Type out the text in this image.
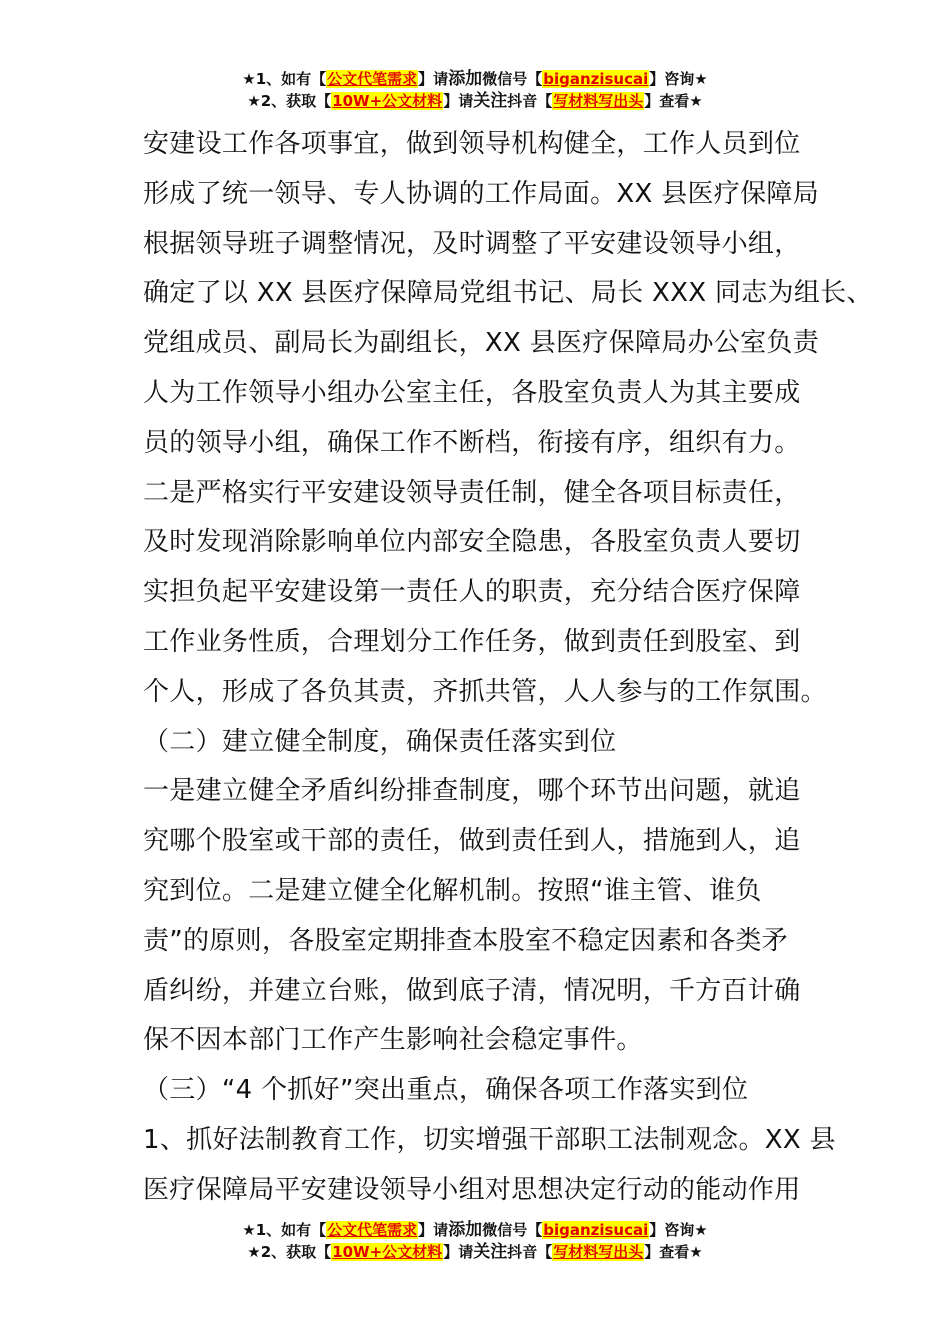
★1、如有【公文代笔需求】请添加微信号【biganzisucai】咨询★
★2、获取【10W+公文材料】请关注抖音【写材料写出头】查看★

安建设工作各项事宜，做到领导机构健全，工作人员到位

形成了统一领导、专人协调的工作局面。XX 县医疗保障局

根据领导班子调整情况，及时调整了平安建设领导小组，

确定了以 XX 县医疗保障局党组书记、局长 XXX 同志为组长、

党组成员、副局长为副组长，XX 县医疗保障局办公室负责

人为工作领导小组办公室主任，各股室负责人为其主要成

员的领导小组，确保工作不断档，衔接有序，组织有力。

二是严格实行平安建设领导责任制，健全各项目标责任，

及时发现消除影响单位内部安全隐患，各股室负责人要切

实担负起平安建设第一责任人的职责，充分结合医疗保障

工作业务性质，合理划分工作任务，做到责任到股室、到

个人，形成了各负其责，齐抓共管，人人参与的工作氛围。

（二）建立健全制度，确保责任落实到位

一是建立健全矛盾纠纷排查制度，哪个环节出问题，就追

究哪个股室或干部的责任，做到责任到人，措施到人，追

究到位。二是建立健全化解机制。按照“谁主管、谁负

责”的原则，各股室定期排查本股室不稳定因素和各类矛

盾纠纷，并建立台账，做到底子清，情况明，千方百计确

保不因本部门工作产生影响社会稳定事件。

（三）“4 个抓好”突出重点，确保各项工作落实到位

1、抓好法制教育工作，切实增强干部职工法制观念。XX 县

医疗保障局平安建设领导小组对思想决定行动的能动作用

★1、如有【公文代笔需求】请添加微信号【biganzisucai】咨询★
★2、获取【10W+公文材料】请关注抖音【写材料写出头】查看★
